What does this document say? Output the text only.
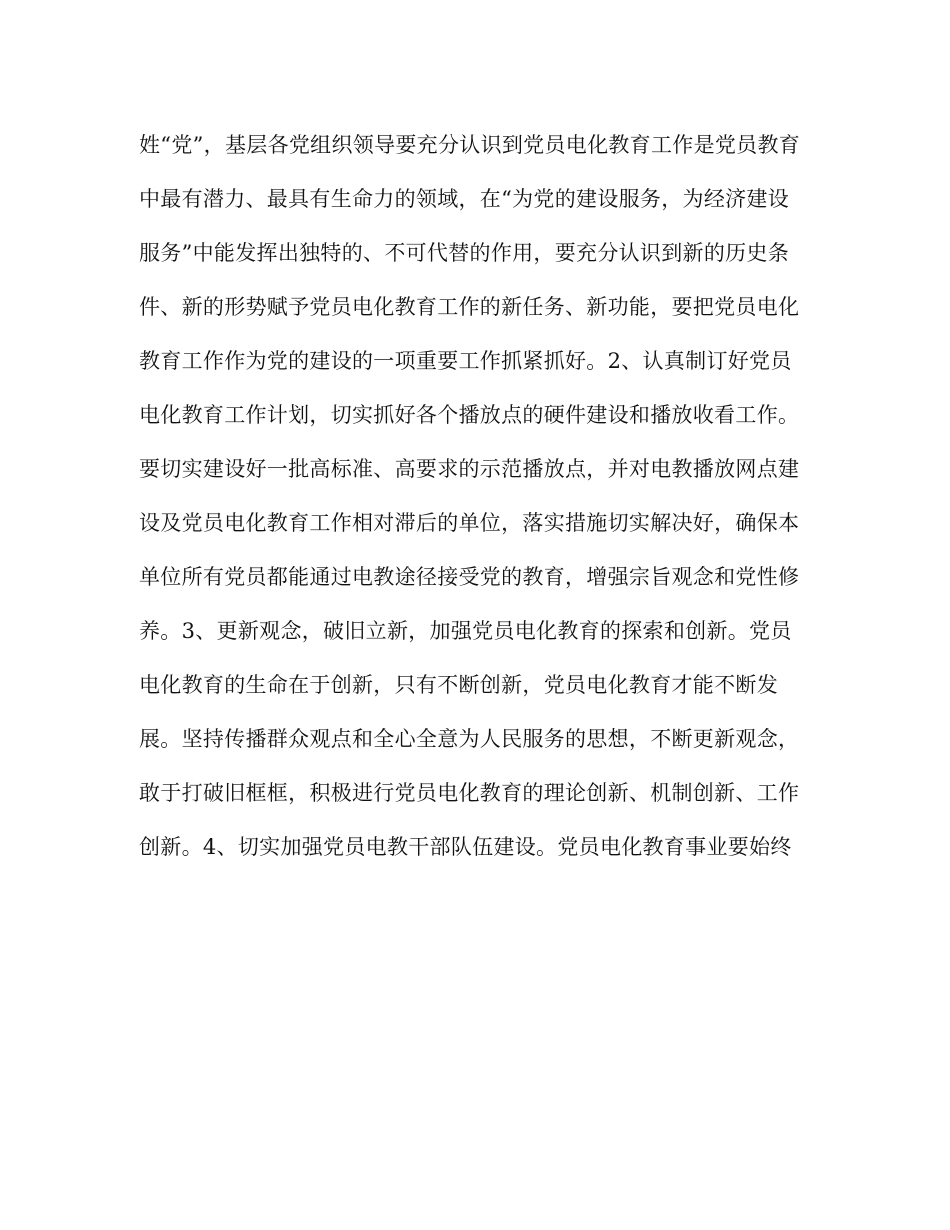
姓“党”，基层各党组织领导要充分认识到党员电化教育工作是党员教育
中最有潜力、最具有生命力的领域，在“为党的建设服务，为经济建设
服务”中能发挥出独特的、不可代替的作用，要充分认识到新的历史条
件、新的形势赋予党员电化教育工作的新任务、新功能，要把党员电化
教育工作作为党的建设的一项重要工作抓紧抓好。2、认真制订好党员
电化教育工作计划，切实抓好各个播放点的硬件建设和播放收看工作。
要切实建设好一批高标准、高要求的示范播放点，并对电教播放网点建
设及党员电化教育工作相对滞后的单位，落实措施切实解决好，确保本
单位所有党员都能通过电教途径接受党的教育，增强宗旨观念和党性修
养。3、更新观念，破旧立新，加强党员电化教育的探索和创新。党员
电化教育的生命在于创新，只有不断创新，党员电化教育才能不断发
展。坚持传播群众观点和全心全意为人民服务的思想，不断更新观念，
敢于打破旧框框，积极进行党员电化教育的理论创新、机制创新、工作
创新。4、切实加强党员电教干部队伍建设。党员电化教育事业要始终
